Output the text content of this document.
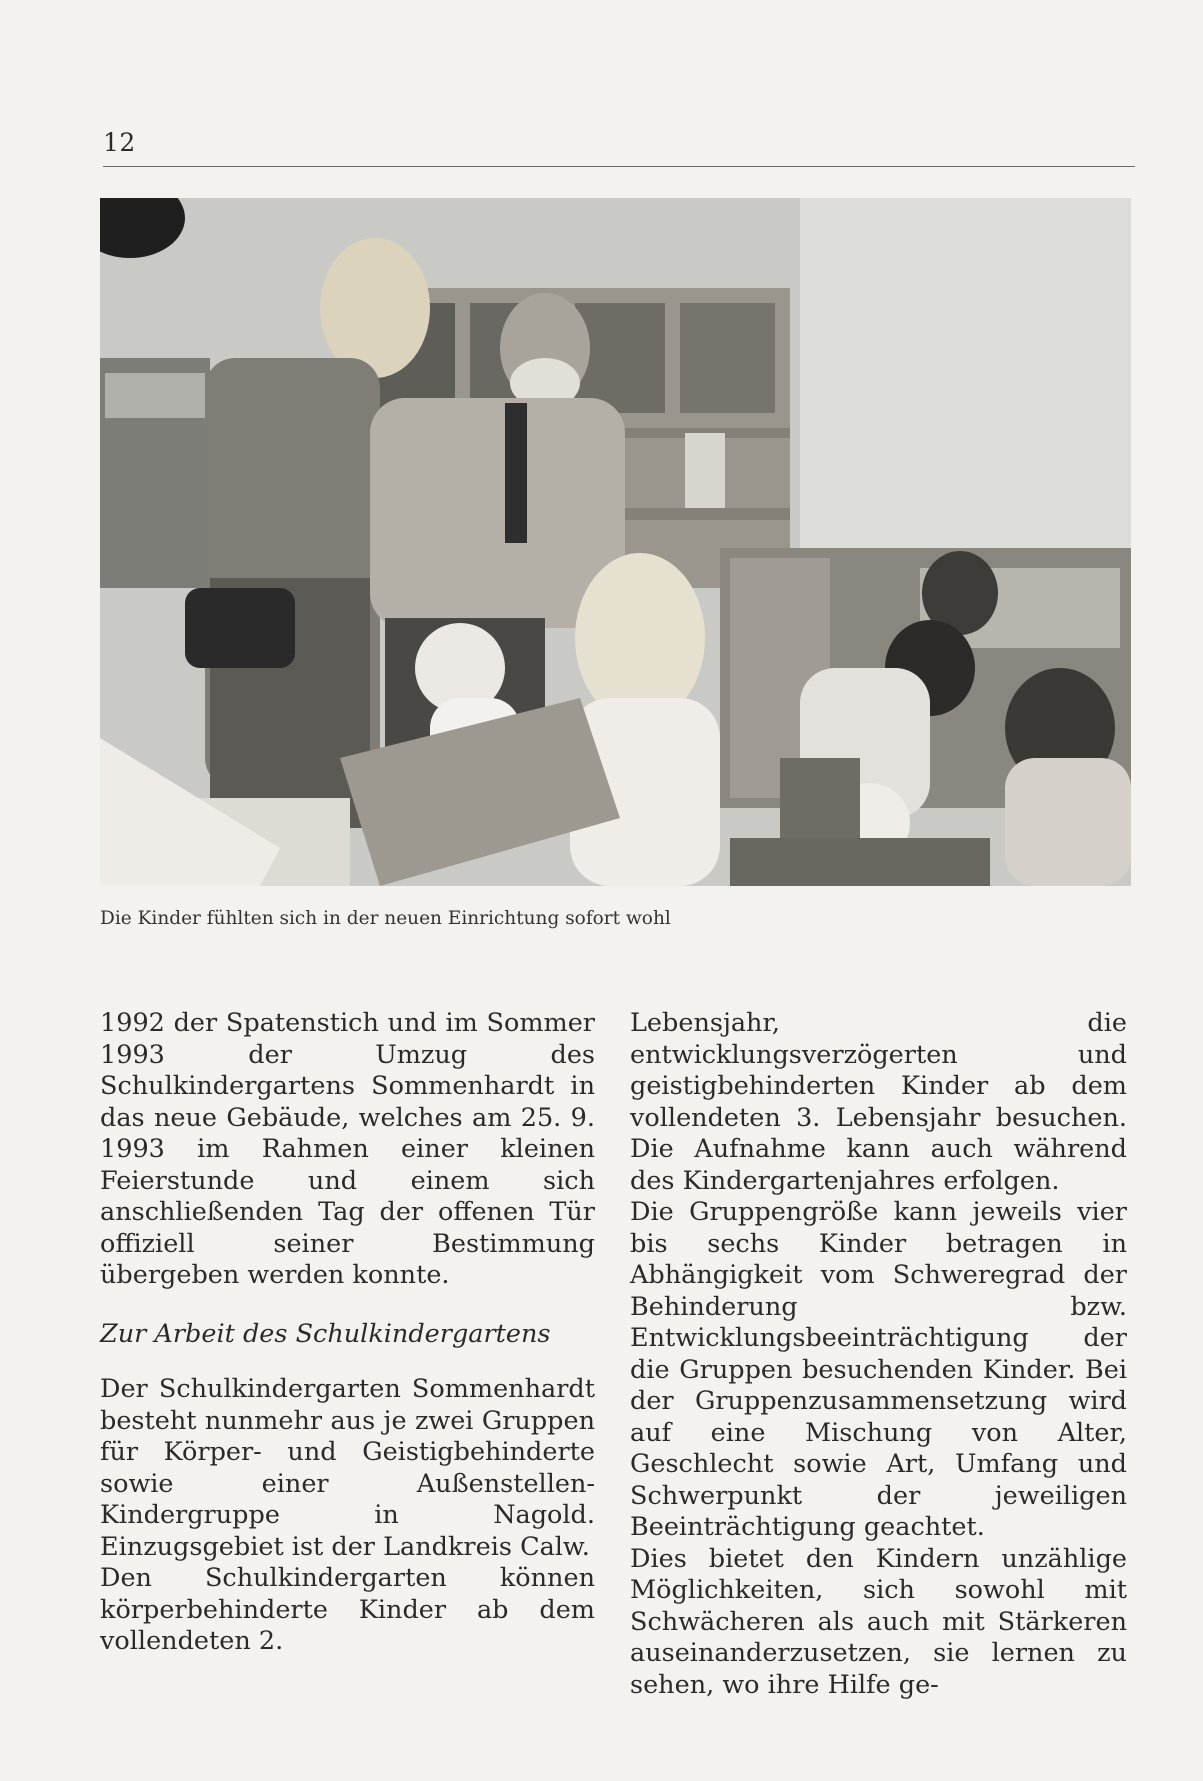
12
Die Kinder fühlten sich in der neuen Einrichtung sofort wohl

1992 der Spatenstich und im Sommer 1993 der Umzug des Schulkindergartens Sommenhardt in das neue Gebäude, welches am 25. 9. 1993 im Rahmen einer kleinen Feierstunde und einem sich anschließenden Tag der offenen Tür offiziell seiner Bestimmung übergeben werden konnte.

Zur Arbeit des Schulkindergartens

Der Schulkindergarten Sommenhardt besteht nunmehr aus je zwei Gruppen für Körper- und Geistigbehinderte sowie einer Außenstellen-Kindergruppe in Nagold. Einzugsgebiet ist der Landkreis Calw.

Den Schulkindergarten können körperbehinderte Kinder ab dem vollendeten 2.

Lebensjahr, die entwicklungsverzögerten und geistigbehinderten Kinder ab dem vollendeten 3. Lebensjahr besuchen. Die Aufnahme kann auch während des Kindergartenjahres erfolgen.

Die Gruppengröße kann jeweils vier bis sechs Kinder betragen in Abhängigkeit vom Schweregrad der Behinderung bzw. Entwicklungsbeeinträchtigung der die Gruppen besuchenden Kinder. Bei der Gruppenzusammensetzung wird auf eine Mischung von Alter, Geschlecht sowie Art, Umfang und Schwerpunkt der jeweiligen Beeinträchtigung geachtet.

Dies bietet den Kindern unzählige Möglichkeiten, sich sowohl mit Schwächeren als auch mit Stärkeren auseinanderzusetzen, sie lernen zu sehen, wo ihre Hilfe ge-
